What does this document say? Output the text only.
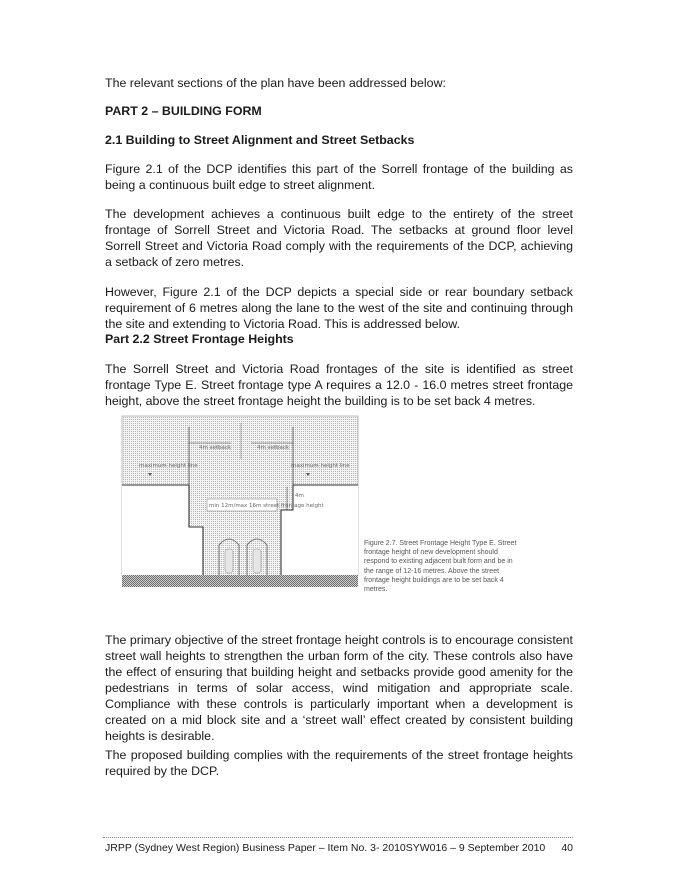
The relevant sections of the plan have been addressed below:

PART 2 – BUILDING FORM

2.1 Building to Street Alignment and Street Setbacks

Figure 2.1 of the DCP identifies this part of the Sorrell frontage of the building as being a continuous built edge to street alignment.

The development achieves a continuous built edge to the entirety of the street frontage of Sorrell Street and Victoria Road. The setbacks at ground floor level Sorrell Street and Victoria Road comply with the requirements of the DCP, achieving a setback of zero metres.

However, Figure 2.1 of the DCP depicts a special side or rear boundary setback requirement of 6 metres along the lane to the west of the site and continuing through the site and extending to Victoria Road. This is addressed below.

Part 2.2 Street Frontage Heights

The Sorrell Street and Victoria Road frontages of the site is identified as street frontage Type E. Street frontage type A requires a 12.0 - 16.0 metres street frontage height, above the street frontage height the building is to be set back 4 metres.

4m setback	4m setback
maximum height line	maximum height line
min 12m/max 16m street frontage height
4m

Figure 2.7. Street Frontage Height Type E. Street frontage height of new development should respond to existing adjacent built form and be in the range of 12-16 metres. Above the street frontage height buildings are to be set back 4 metres.

The primary objective of the street frontage height controls is to encourage consistent street wall heights to strengthen the urban form of the city. These controls also have the effect of ensuring that building height and setbacks provide good amenity for the pedestrians in terms of solar access, wind mitigation and appropriate scale. Compliance with these controls is particularly important when a development is created on a mid block site and a ‘street wall’ effect created by consistent building heights is desirable.

The proposed building complies with the requirements of the street frontage heights required by the DCP.

JRPP (Sydney West Region) Business Paper – Item No. 3- 2010SYW016 – 9 September 2010 40
